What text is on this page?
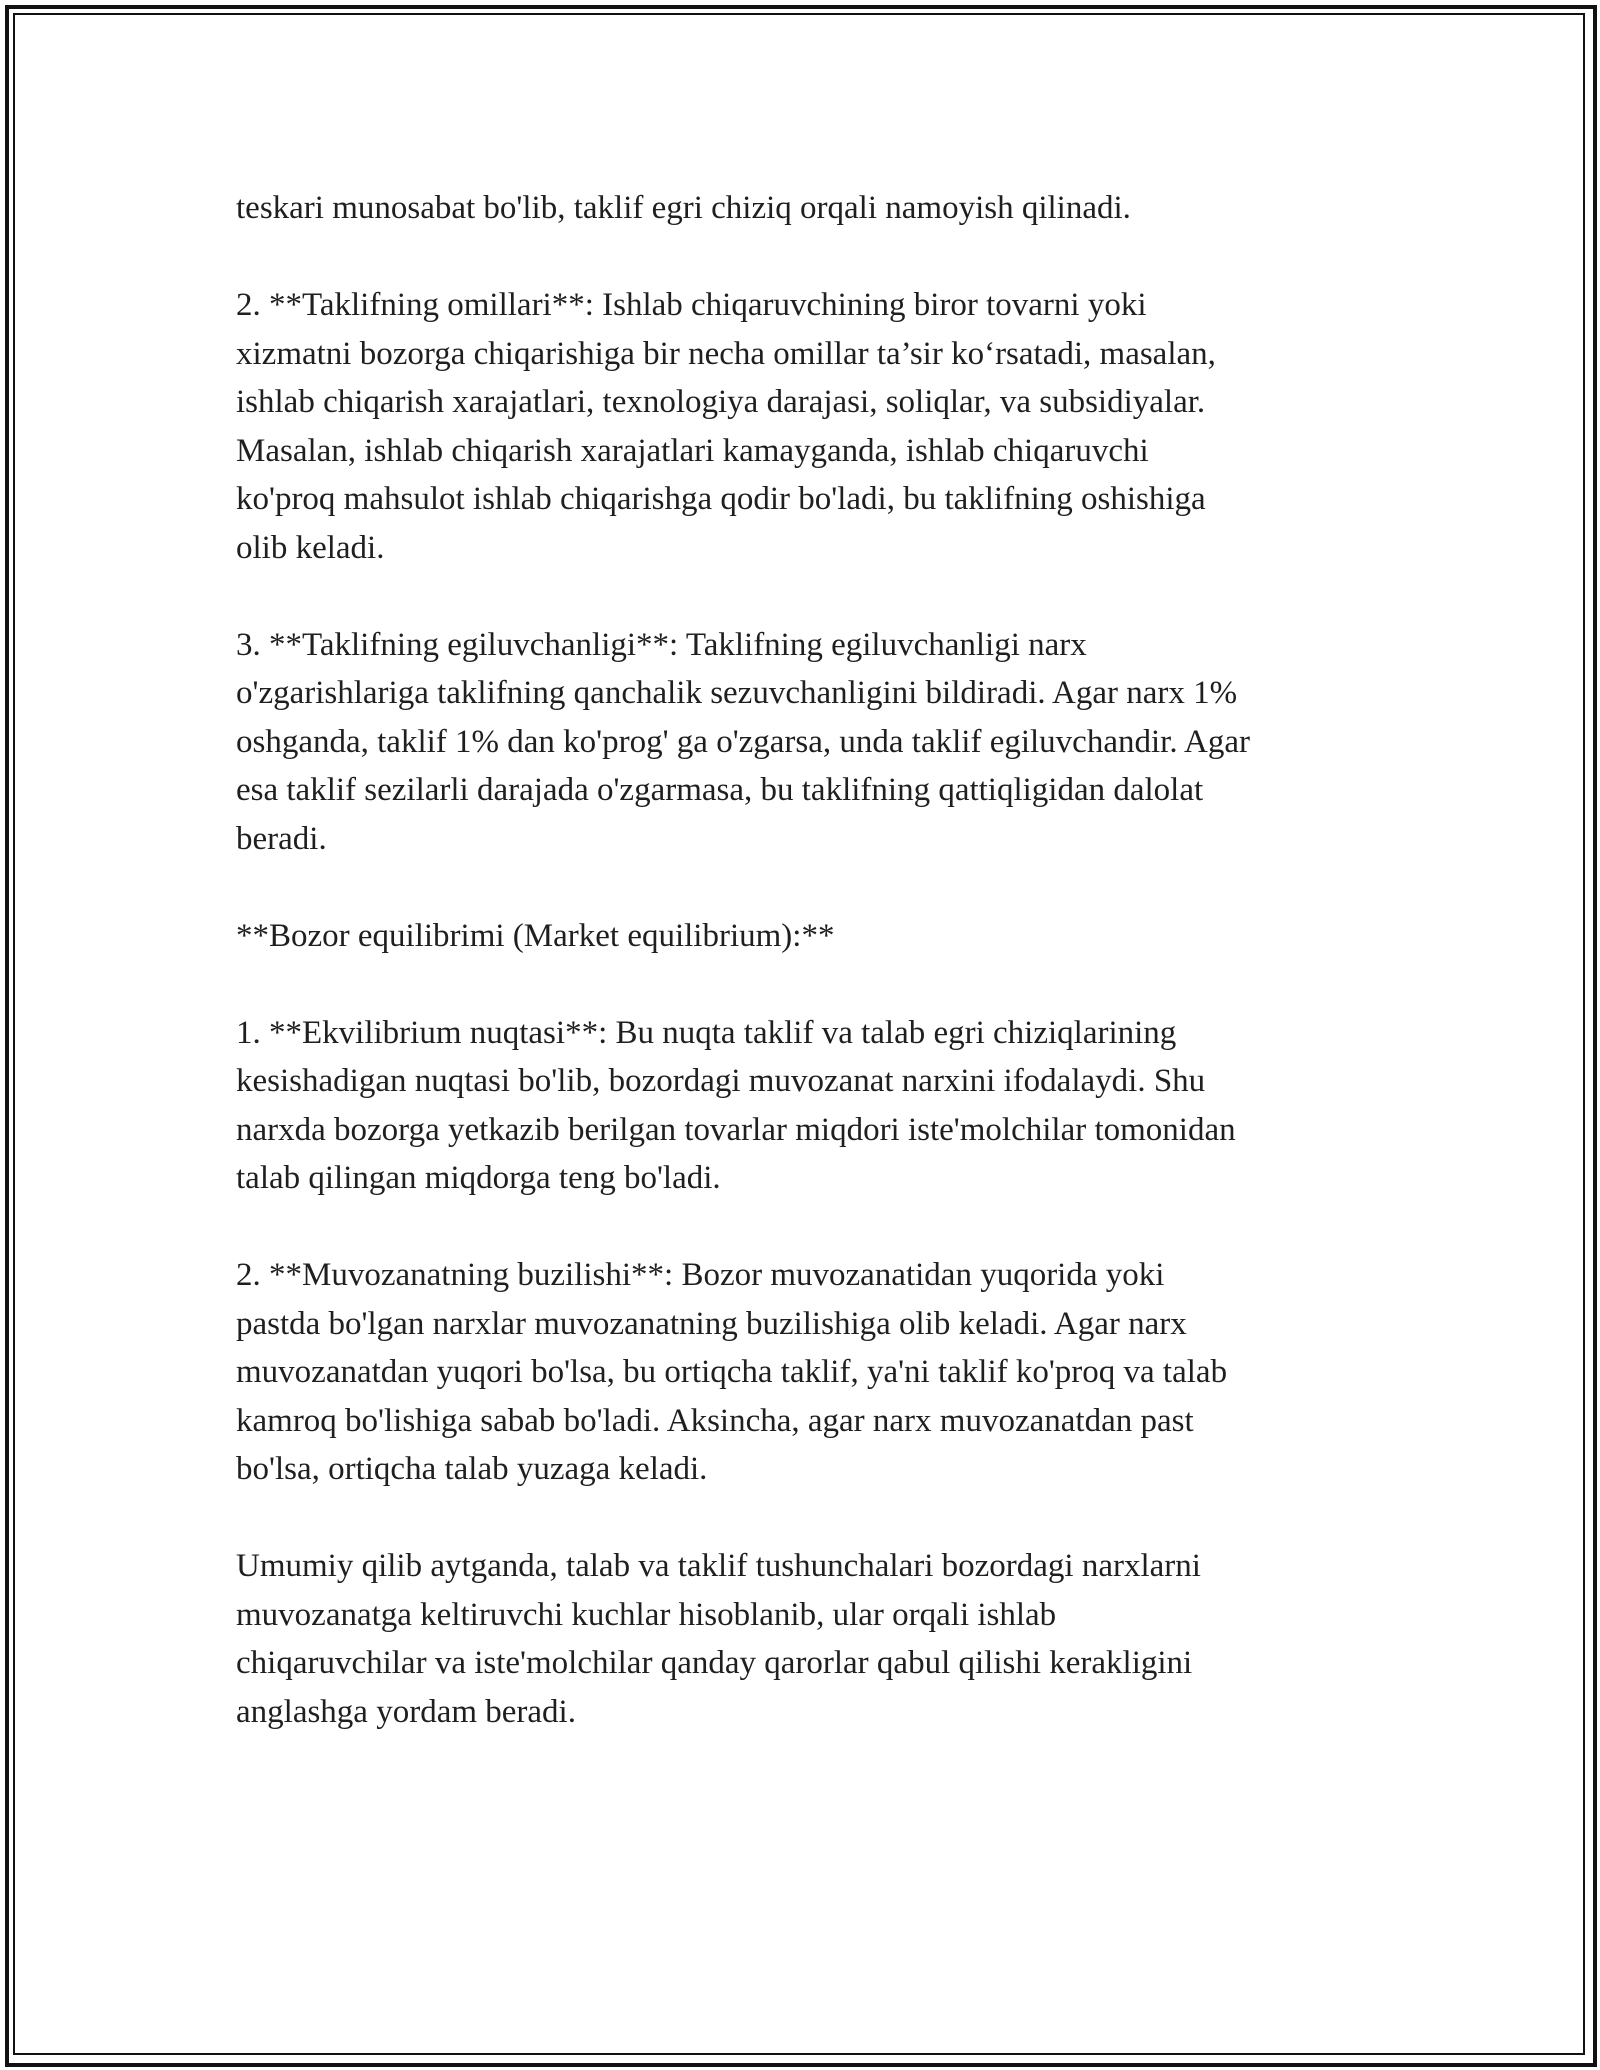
teskari munosabat bo'lib, taklif egri chiziq orqali namoyish qilinadi.

2. **Taklifning omillari**: Ishlab chiqaruvchining biror tovarni yoki
xizmatni bozorga chiqarishiga bir necha omillar ta’sir ko‘rsatadi, masalan,
ishlab chiqarish xarajatlari, texnologiya darajasi, soliqlar, va subsidiyalar.
Masalan, ishlab chiqarish xarajatlari kamayganda, ishlab chiqaruvchi
ko'proq mahsulot ishlab chiqarishga qodir bo'ladi, bu taklifning oshishiga
olib keladi.

3. **Taklifning egiluvchanligi**: Taklifning egiluvchanligi narx
o'zgarishlariga taklifning qanchalik sezuvchanligini bildiradi. Agar narx 1%
oshganda, taklif 1% dan ko'prog' ga o'zgarsa, unda taklif egiluvchandir. Agar
esa taklif sezilarli darajada o'zgarmasa, bu taklifning qattiqligidan dalolat
beradi.

**Bozor equilibrimi (Market equilibrium):**

1. **Ekvilibrium nuqtasi**: Bu nuqta taklif va talab egri chiziqlarining
kesishadigan nuqtasi bo'lib, bozordagi muvozanat narxini ifodalaydi. Shu
narxda bozorga yetkazib berilgan tovarlar miqdori iste'molchilar tomonidan
talab qilingan miqdorga teng bo'ladi.

2. **Muvozanatning buzilishi**: Bozor muvozanatidan yuqorida yoki
pastda bo'lgan narxlar muvozanatning buzilishiga olib keladi. Agar narx
muvozanatdan yuqori bo'lsa, bu ortiqcha taklif, ya'ni taklif ko'proq va talab
kamroq bo'lishiga sabab bo'ladi. Aksincha, agar narx muvozanatdan past
bo'lsa, ortiqcha talab yuzaga keladi.

Umumiy qilib aytganda, talab va taklif tushunchalari bozordagi narxlarni
muvozanatga keltiruvchi kuchlar hisoblanib, ular orqali ishlab
chiqaruvchilar va iste'molchilar qanday qarorlar qabul qilishi kerakligini
anglashga yordam beradi.
